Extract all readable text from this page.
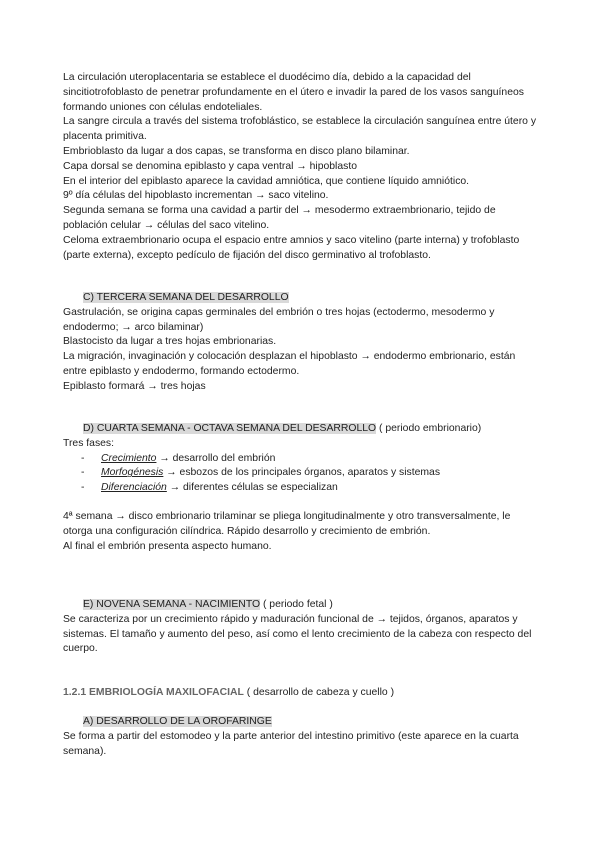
La circulación uteroplacentaria se establece el duodécimo día, debido a la capacidad del sincitiotrofoblasto de penetrar profundamente en el útero e invadir la pared de los vasos sanguíneos formando uniones con células endoteliales.

La sangre circula a través del sistema trofoblástico, se establece la circulación sanguínea entre útero y placenta primitiva.

Embrioblasto da lugar a dos capas, se transforma en disco plano bilaminar.

Capa dorsal se denomina epiblasto y capa ventral → hipoblasto

En el interior del epiblasto aparece la cavidad amniótica, que contiene líquido amniótico.

9º día células del hipoblasto incrementan → saco vitelino.

Segunda semana se forma una cavidad a partir del → mesodermo extraembrionario, tejido de población celular → células del saco vitelino.

Celoma extraembrionario ocupa el espacio entre amnios y saco vitelino (parte interna) y trofoblasto (parte externa), excepto pedículo de fijación del disco germinativo al trofoblasto.

C) TERCERA SEMANA DEL DESARROLLO

Gastrulación, se origina capas germinales del embrión o tres hojas (ectodermo, mesodermo y endodermo; → arco bilaminar)

Blastocisto da lugar a tres hojas embrionarias.

La migración, invaginación y colocación desplazan el hipoblasto → endodermo embrionario, están entre epiblasto y endodermo, formando ectodermo.

Epiblasto formará → tres hojas

D) CUARTA SEMANA - OCTAVA SEMANA DEL DESARROLLO ( periodo embrionario)

Tres fases:

- Crecimiento → desarrollo del embrión
- Morfogénesis → esbozos de los principales órganos, aparatos y sistemas
- Diferenciación → diferentes células se especializan

4ª semana → disco embrionario trilaminar se pliega longitudinalmente y otro transversalmente, le otorga una configuración cilíndrica. Rápido desarrollo y crecimiento de embrión.

Al final el embrión presenta aspecto humano.

E) NOVENA SEMANA - NACIMIENTO ( periodo fetal )

Se caracteriza por un crecimiento rápido y maduración funcional de → tejidos, órganos, aparatos y sistemas. El tamaño y aumento del peso, así como el lento crecimiento de la cabeza con respecto del cuerpo.

1.2.1 EMBRIOLOGÍA MAXILOFACIAL ( desarrollo de cabeza y cuello )

A) DESARROLLO DE LA OROFARINGE

Se forma a partir del estomodeo y la parte anterior del intestino primitivo (este aparece en la cuarta semana).
